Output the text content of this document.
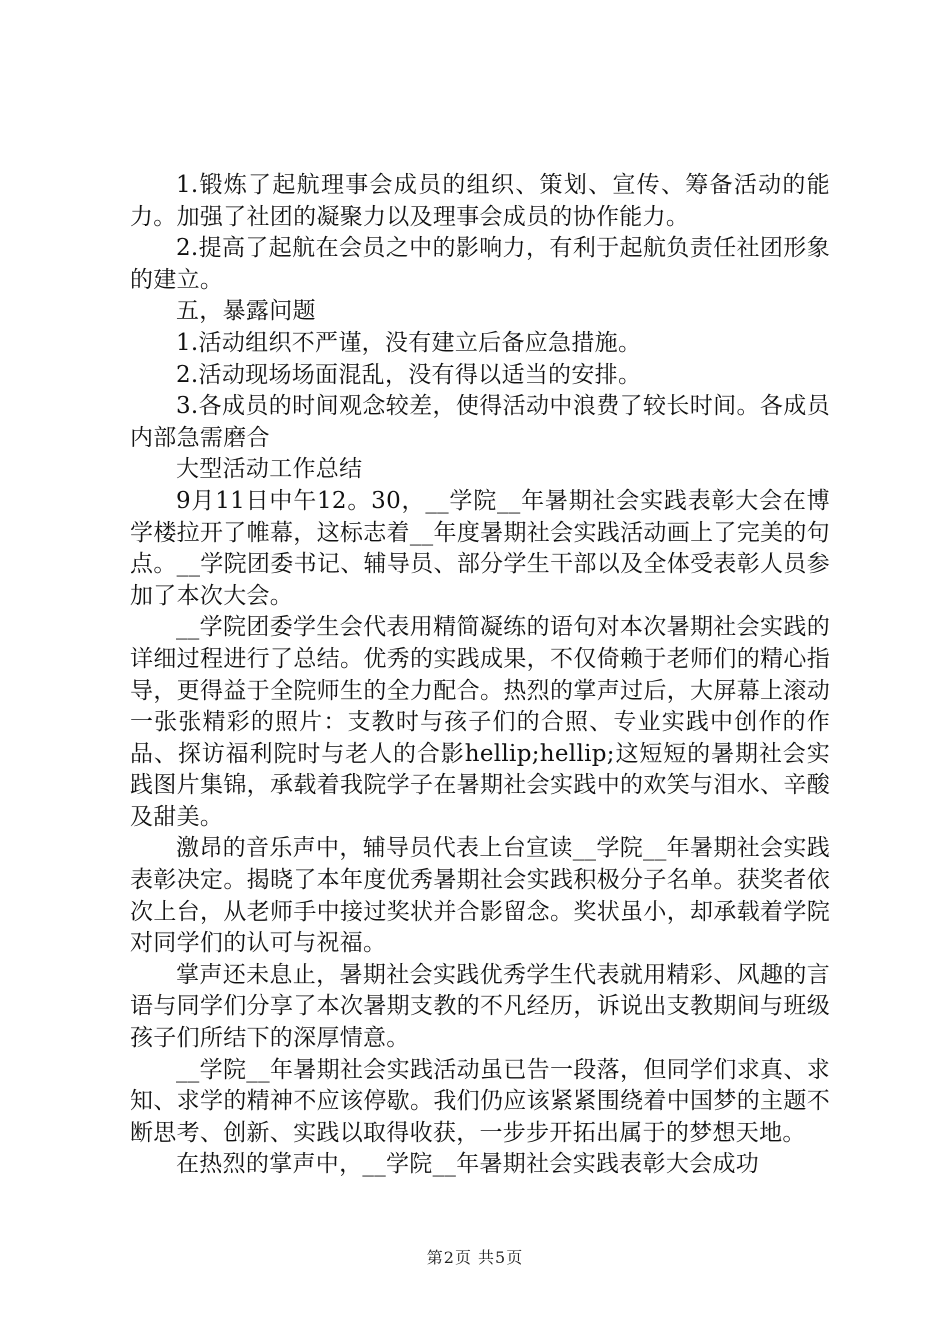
1.锻炼了起航理事会成员的组织、策划、宣传、筹备活动的能力。加强了社团的凝聚力以及理事会成员的协作能力。

2.提高了起航在会员之中的影响力，有利于起航负责任社团形象的建立。

五，暴露问题

1.活动组织不严谨，没有建立后备应急措施。

2.活动现场场面混乱，没有得以适当的安排。

3.各成员的时间观念较差，使得活动中浪费了较长时间。各成员内部急需磨合

大型活动工作总结

9月11日中午12。30，__学院__年暑期社会实践表彰大会在博学楼拉开了帷幕，这标志着__年度暑期社会实践活动画上了完美的句点。__学院团委书记、辅导员、部分学生干部以及全体受表彰人员参加了本次大会。

__学院团委学生会代表用精简凝练的语句对本次暑期社会实践的详细过程进行了总结。优秀的实践成果，不仅倚赖于老师们的精心指导，更得益于全院师生的全力配合。热烈的掌声过后，大屏幕上滚动一张张精彩的照片：支教时与孩子们的合照、专业实践中创作的作品、探访福利院时与老人的合影hellip;hellip;这短短的暑期社会实践图片集锦，承载着我院学子在暑期社会实践中的欢笑与泪水、辛酸及甜美。

激昂的音乐声中，辅导员代表上台宣读__学院__年暑期社会实践表彰决定。揭晓了本年度优秀暑期社会实践积极分子名单。获奖者依次上台，从老师手中接过奖状并合影留念。奖状虽小，却承载着学院对同学们的认可与祝福。

掌声还未息止，暑期社会实践优秀学生代表就用精彩、风趣的言语与同学们分享了本次暑期支教的不凡经历，诉说出支教期间与班级孩子们所结下的深厚情意。

__学院__年暑期社会实践活动虽已告一段落，但同学们求真、求知、求学的精神不应该停歇。我们仍应该紧紧围绕着中国梦的主题不断思考、创新、实践以取得收获，一步步开拓出属于的梦想天地。

在热烈的掌声中，__学院__年暑期社会实践表彰大会成功

第2页 共5页
